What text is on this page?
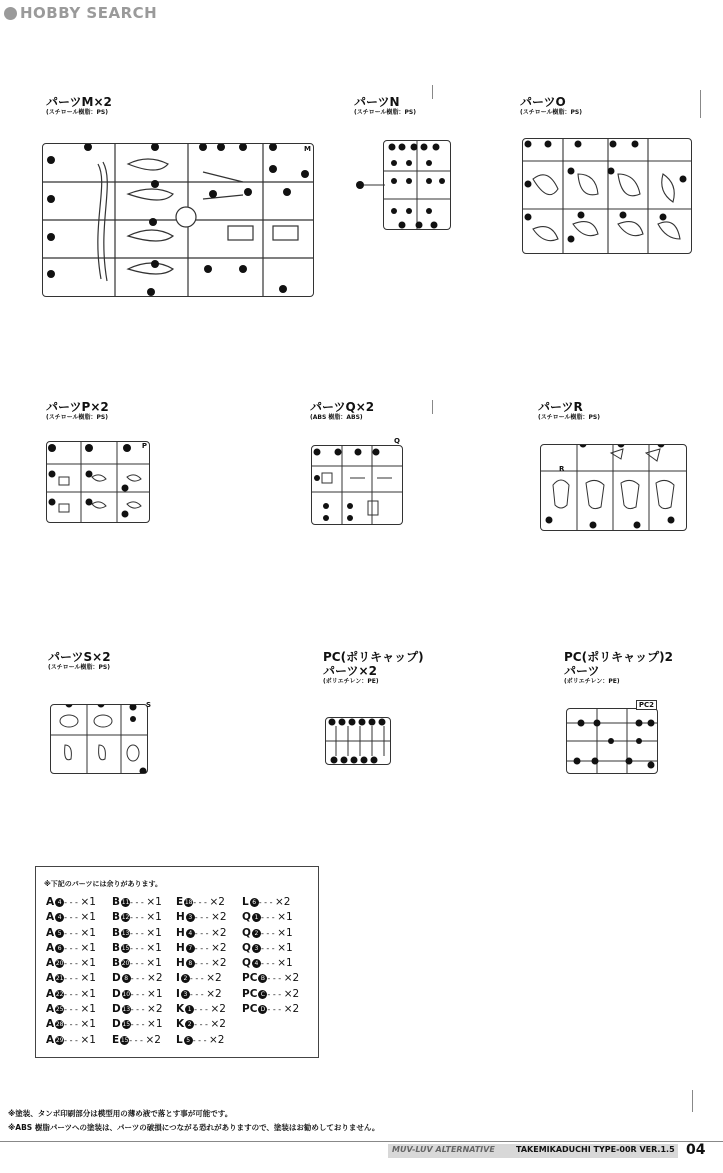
HOBBY SEARCH
パーツM×2
(スチロール樹脂：PS)
M
パーツN
(スチロール樹脂：PS)
パーツO
(スチロール樹脂：PS)
パーツP×2
(スチロール樹脂：PS)
P
パーツQ×2
(ABS 樹脂：ABS)
Q
パーツR
(スチロール樹脂：PS)
R
パーツS×2
(スチロール樹脂：PS)
S
PC(ポリキャップ)
パーツ×2
(ポリエチレン：PE)
PC(ポリキャップ)2
パーツ
(ポリエチレン：PE)
PC2
※下記のパーツには余りがあります。
A 4 - - - ×1
A 4 - - - ×1
A 5 - - - ×1
A 6 - - - ×1
A 20- - - ×1
A 21- - - ×1
A 22- - - ×1
A 25- - - ×1
A 28- - - ×1
A 29- - - ×1
B 11- - - ×1
B 12- - - ×1
B 13- - - ×1
B 15- - - ×1
B 20- - - ×1
D 8 - - - ×2
D 10- - - ×1
D 13- - - ×2
D 15- - - ×1
E 15- - - ×2
E 18- - - ×2
H 3 - - - ×2
H 4 - - - ×2
H 7 - - - ×2
H 8 - - - ×2
I 2 - - - ×2
I 3 - - - ×2
K 1 - - - ×2
K 2 - - - ×2
L 5 - - - ×2
L 6 - - - ×2
Q 1 - - - ×1
Q 2 - - - ×1
Q 3 - - - ×1
Q 4 - - - ×1
PC B - - - ×2
PC C - - - ×2
PC D - - - ×2
※塗装、タンポ印刷部分は模型用の薄め液で落とす事が可能です。
※ABS 樹脂パーツへの塗装は、パーツの破損につながる恐れがありますので、塗装はお勧めしておりません。
MUV-LUV ALTERNATIVE	TAKEMIKADUCHI TYPE-00R VER.1.5 04
